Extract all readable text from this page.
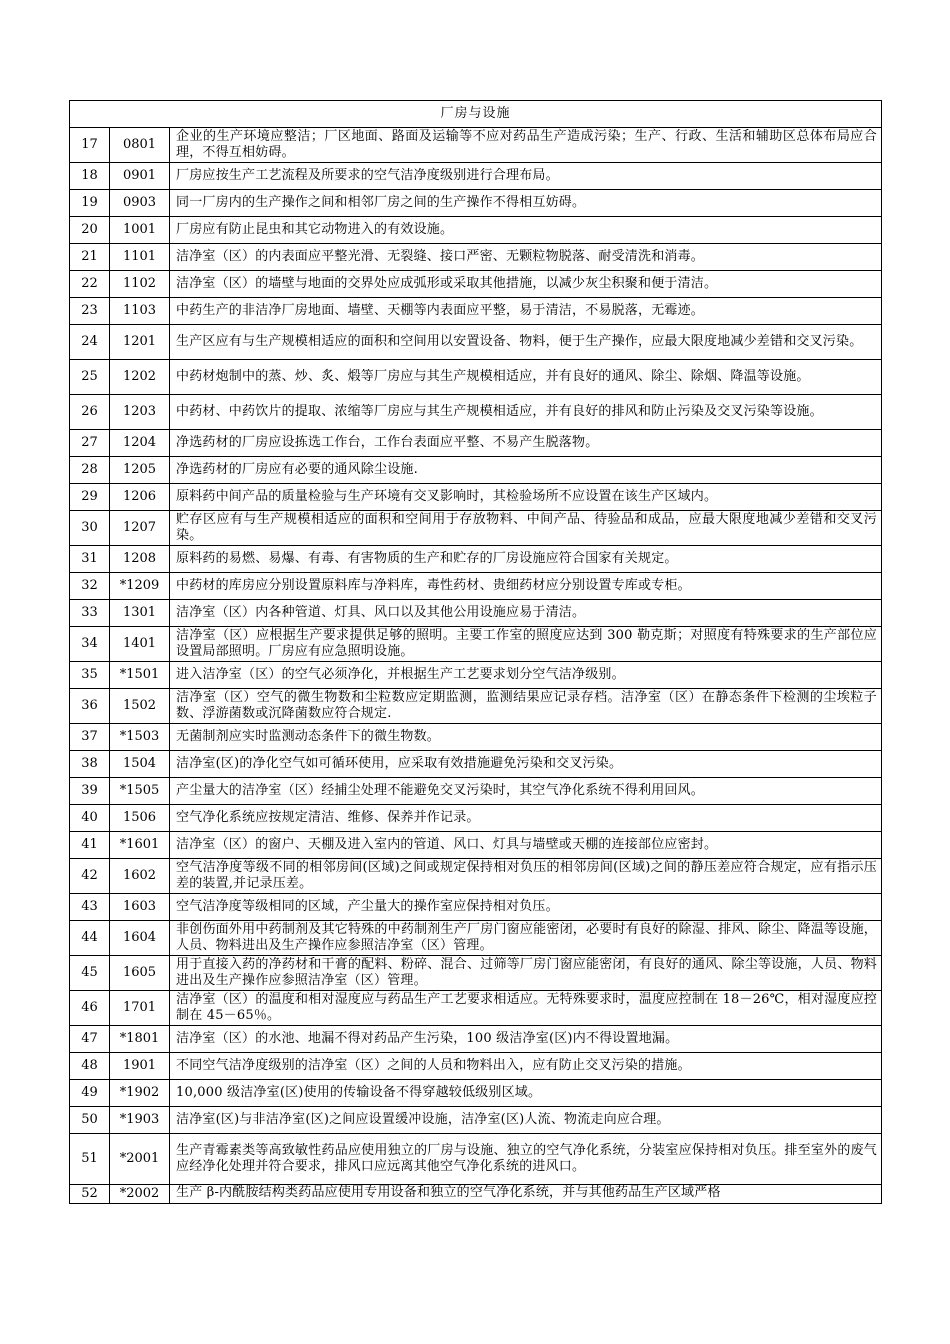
厂房与设施		
17	0801	企业的生产环境应整洁；厂区地面、路面及运输等不应对药品生产造成污染；生产、行政、生活和辅助区总体布局应合理，不得互相妨碍。
18	0901	厂房应按生产工艺流程及所要求的空气洁净度级别进行合理布局。
19	0903	同一厂房内的生产操作之间和相邻厂房之间的生产操作不得相互妨碍。
20	1001	厂房应有防止昆虫和其它动物进入的有效设施。
21	1101	洁净室（区）的内表面应平整光滑、无裂缝、接口严密、无颗粒物脱落、耐受清洗和消毒。
22	1102	洁净室（区）的墙壁与地面的交界处应成弧形或采取其他措施，以减少灰尘积聚和便于清洁。
23	1103	中药生产的非洁净厂房地面、墙壁、天棚等内表面应平整，易于清洁，不易脱落，无霉迹。
24	1201	生产区应有与生产规模相适应的面积和空间用以安置设备、物料，便于生产操作，应最大限度地减少差错和交叉污染。
25	1202	中药材炮制中的蒸、炒、炙、煅等厂房应与其生产规模相适应，并有良好的通风、除尘、除烟、降温等设施。
26	1203	中药材、中药饮片的提取、浓缩等厂房应与其生产规模相适应，并有良好的排风和防止污染及交叉污染等设施。
27	1204	净选药材的厂房应设拣选工作台，工作台表面应平整、不易产生脱落物。
28	1205	净选药材的厂房应有必要的通风除尘设施.
29	1206	原料药中间产品的质量检验与生产环境有交叉影响时，其检验场所不应设置在该生产区域内。
30	1207	贮存区应有与生产规模相适应的面积和空间用于存放物料、中间产品、待验品和成品，应最大限度地减少差错和交叉污染。
31	1208	原料药的易燃、易爆、有毒、有害物质的生产和贮存的厂房设施应符合国家有关规定。
32	*1209	中药材的库房应分别设置原料库与净料库，毒性药材、贵细药材应分别设置专库或专柜。
33	1301	洁净室（区）内各种管道、灯具、风口以及其他公用设施应易于清洁。
34	1401	洁净室（区）应根据生产要求提供足够的照明。主要工作室的照度应达到 300 勒克斯；对照度有特殊要求的生产部位应设置局部照明。厂房应有应急照明设施。
35	*1501	进入洁净室（区）的空气必须净化，并根据生产工艺要求划分空气洁净级别。
36	1502	洁净室（区）空气的微生物数和尘粒数应定期监测，监测结果应记录存档。洁净室（区）在静态条件下检测的尘埃粒子数、浮游菌数或沉降菌数应符合规定.
37	*1503	无菌制剂应实时监测动态条件下的微生物数。
38	1504	洁净室(区)的净化空气如可循环使用，应采取有效措施避免污染和交叉污染。
39	*1505	产尘量大的洁净室（区）经捕尘处理不能避免交叉污染时，其空气净化系统不得利用回风。
40	1506	空气净化系统应按规定清洁、维修、保养并作记录。
41	*1601	洁净室（区）的窗户、天棚及进入室内的管道、风口、灯具与墙壁或天棚的连接部位应密封。
42	1602	空气洁净度等级不同的相邻房间(区域)之间或规定保持相对负压的相邻房间(区域)之间的静压差应符合规定，应有指示压差的装置,并记录压差。
43	1603	空气洁净度等级相同的区域，产尘量大的操作室应保持相对负压。
44	1604	非创伤面外用中药制剂及其它特殊的中药制剂生产厂房门窗应能密闭，必要时有良好的除湿、排风、除尘、降温等设施，人员、物料进出及生产操作应参照洁净室（区）管理。
45	1605	用于直接入药的净药材和干膏的配料、粉碎、混合、过筛等厂房门窗应能密闭，有良好的通风、除尘等设施，人员、物料进出及生产操作应参照洁净室（区）管理。
46	1701	洁净室（区）的温度和相对湿度应与药品生产工艺要求相适应。无特殊要求时，温度应控制在 18－26℃，相对湿度应控制在 45－65％。
47	*1801	洁净室（区）的水池、地漏不得对药品产生污染，100 级洁净室(区)内不得设置地漏。
48	1901	不同空气洁净度级别的洁净室（区）之间的人员和物料出入，应有防止交叉污染的措施。
49	*1902	10,000 级洁净室(区)使用的传输设备不得穿越较低级别区域。
50	*1903	洁净室(区)与非洁净室(区)之间应设置缓冲设施，洁净室(区)人流、物流走向应合理。
51	*2001	生产青霉素类等高致敏性药品应使用独立的厂房与设施、独立的空气净化系统，分装室应保持相对负压。排至室外的废气应经净化处理并符合要求，排风口应远离其他空气净化系统的进风口。
52	*2002	生产 β-内酰胺结构类药品应使用专用设备和独立的空气净化系统，并与其他药品生产区域严格
